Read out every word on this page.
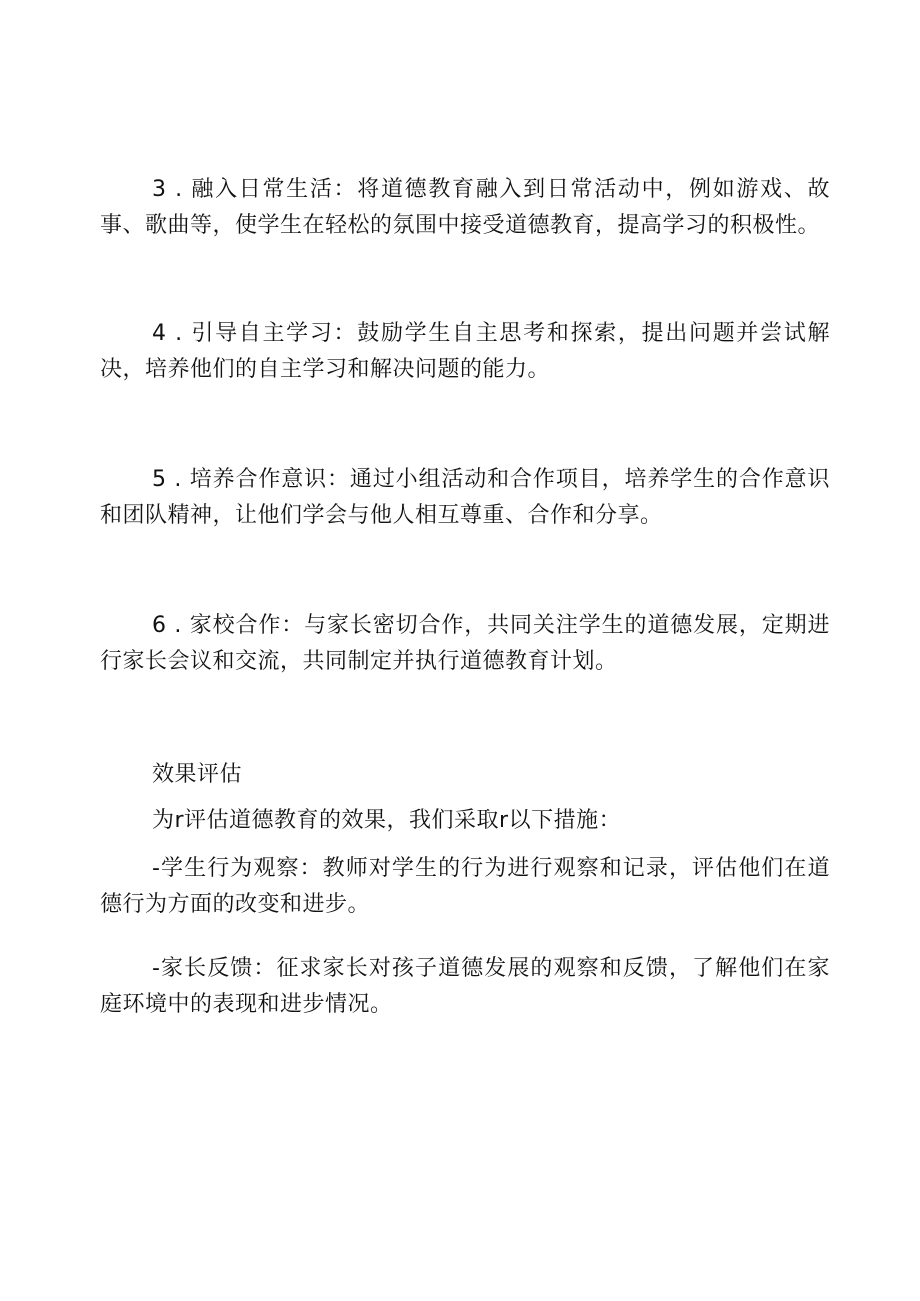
3 . 融入日常生活：将道德教育融入到日常活动中，例如游戏、故事、歌曲等，使学生在轻松的氛围中接受道德教育，提高学习的积极性。

4 . 引导自主学习：鼓励学生自主思考和探索，提出问题并尝试解决，培养他们的自主学习和解决问题的能力。

5 . 培养合作意识：通过小组活动和合作项目，培养学生的合作意识和团队精神，让他们学会与他人相互尊重、合作和分享。

6 . 家校合作：与家长密切合作，共同关注学生的道德发展，定期进行家长会议和交流，共同制定并执行道德教育计划。

效果评估

为r评估道德教育的效果，我们采取r以下措施：

-学生行为观察：教师对学生的行为进行观察和记录，评估他们在道德行为方面的改变和进步。

-家长反馈：征求家长对孩子道德发展的观察和反馈，了解他们在家庭环境中的表现和进步情况。
